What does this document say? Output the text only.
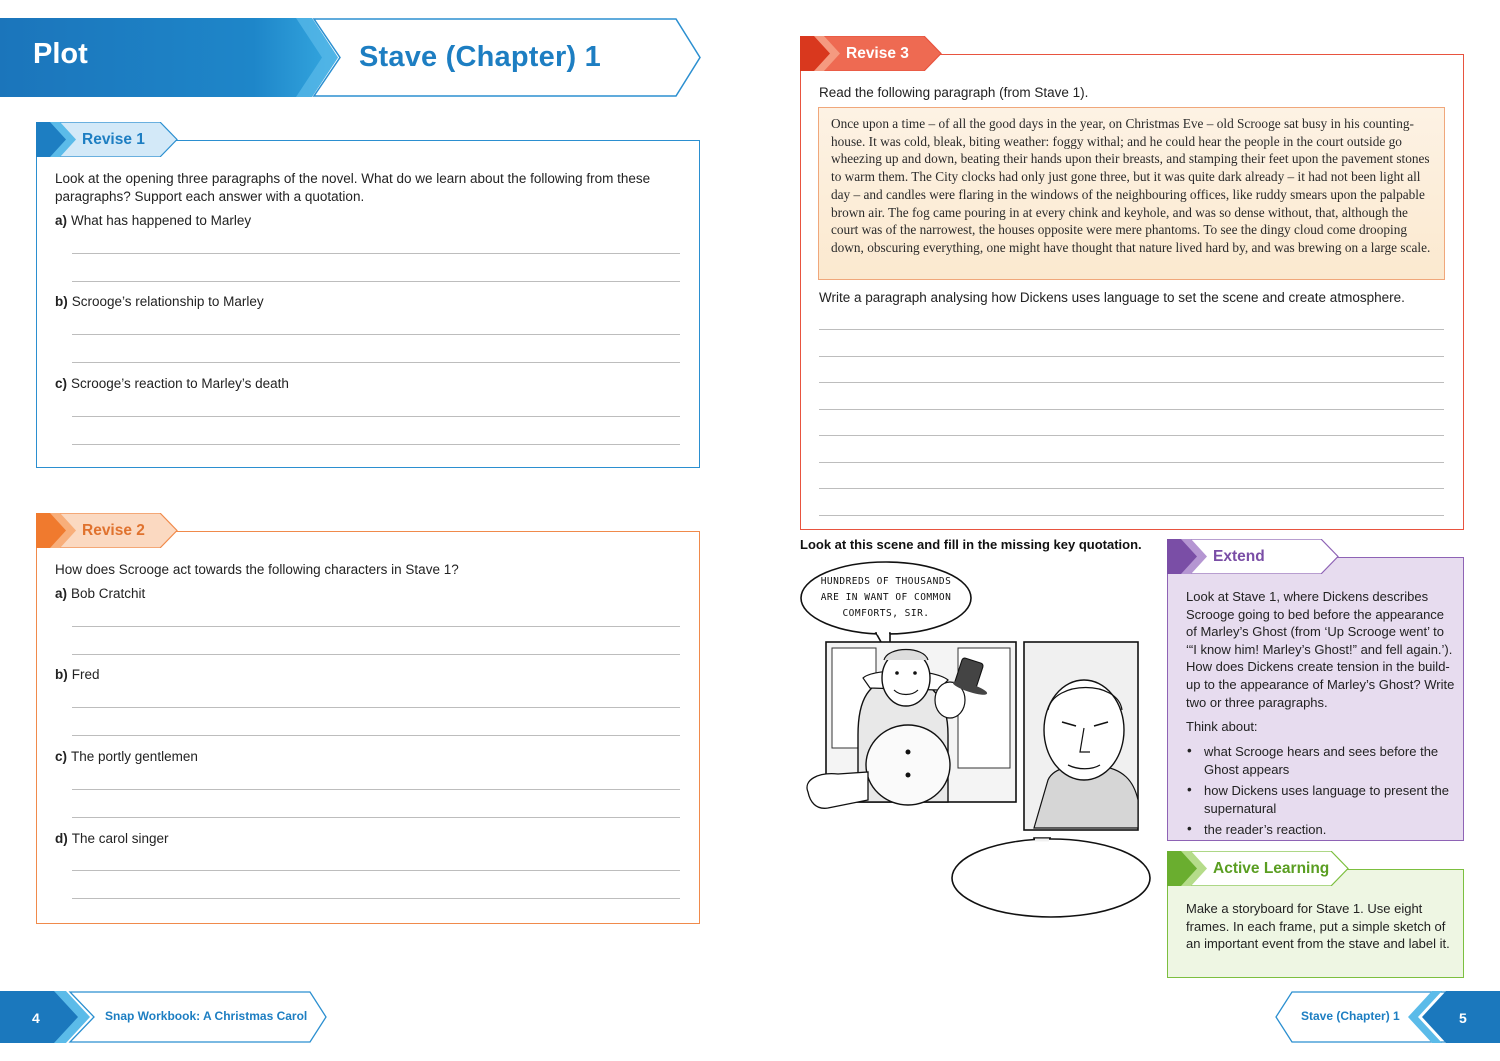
Plot	Stave (Chapter) 1
Revise 1
Look at the opening three paragraphs of the novel. What do we learn about the following from these paragraphs? Support each answer with a quotation.
a) What has happened to Marley
b) Scrooge’s relationship to Marley
c) Scrooge’s reaction to Marley’s death
Revise 2
How does Scrooge act towards the following characters in Stave 1?
a) Bob Cratchit
b) Fred
c) The portly gentlemen
d) The carol singer
Revise 3
Read the following paragraph (from Stave 1).
Once upon a time – of all the good days in the year, on Christmas Eve – old Scrooge sat busy in his counting-house. It was cold, bleak, biting weather: foggy withal; and he could hear the people in the court outside go wheezing up and down, beating their hands upon their breasts, and stamping their feet upon the pavement stones to warm them. The City clocks had only just gone three, but it was quite dark already – it had not been light all day – and candles were flaring in the windows of the neighbouring offices, like ruddy smears upon the palpable brown air. The fog came pouring in at every chink and keyhole, and was so dense without, that, although the court was of the narrowest, the houses opposite were mere phantoms. To see the dingy cloud come drooping down, obscuring everything, one might have thought that nature lived hard by, and was brewing on a large scale.
Write a paragraph analysing how Dickens uses language to set the scene and create atmosphere.
Look at this scene and fill in the missing key quotation.
HUNDREDS OF THOUSANDS ARE IN WANT OF COMMON COMFORTS, SIR.
Extend
Look at Stave 1, where Dickens describes Scrooge going to bed before the appearance of Marley’s Ghost (from ‘Up Scrooge went’ to ‘“I know him! Marley’s Ghost!” and fell again.’). How does Dickens create tension in the build-up to the appearance of Marley’s Ghost? Write two or three paragraphs.
Think about:
• what Scrooge hears and sees before the Ghost appears
• how Dickens uses language to present the supernatural
• the reader’s reaction.
Active Learning
Make a storyboard for Stave 1. Use eight frames. In each frame, put a simple sketch of an important event from the stave and label it.
4	Snap Workbook: A Christmas Carol	Stave (Chapter) 1	5
